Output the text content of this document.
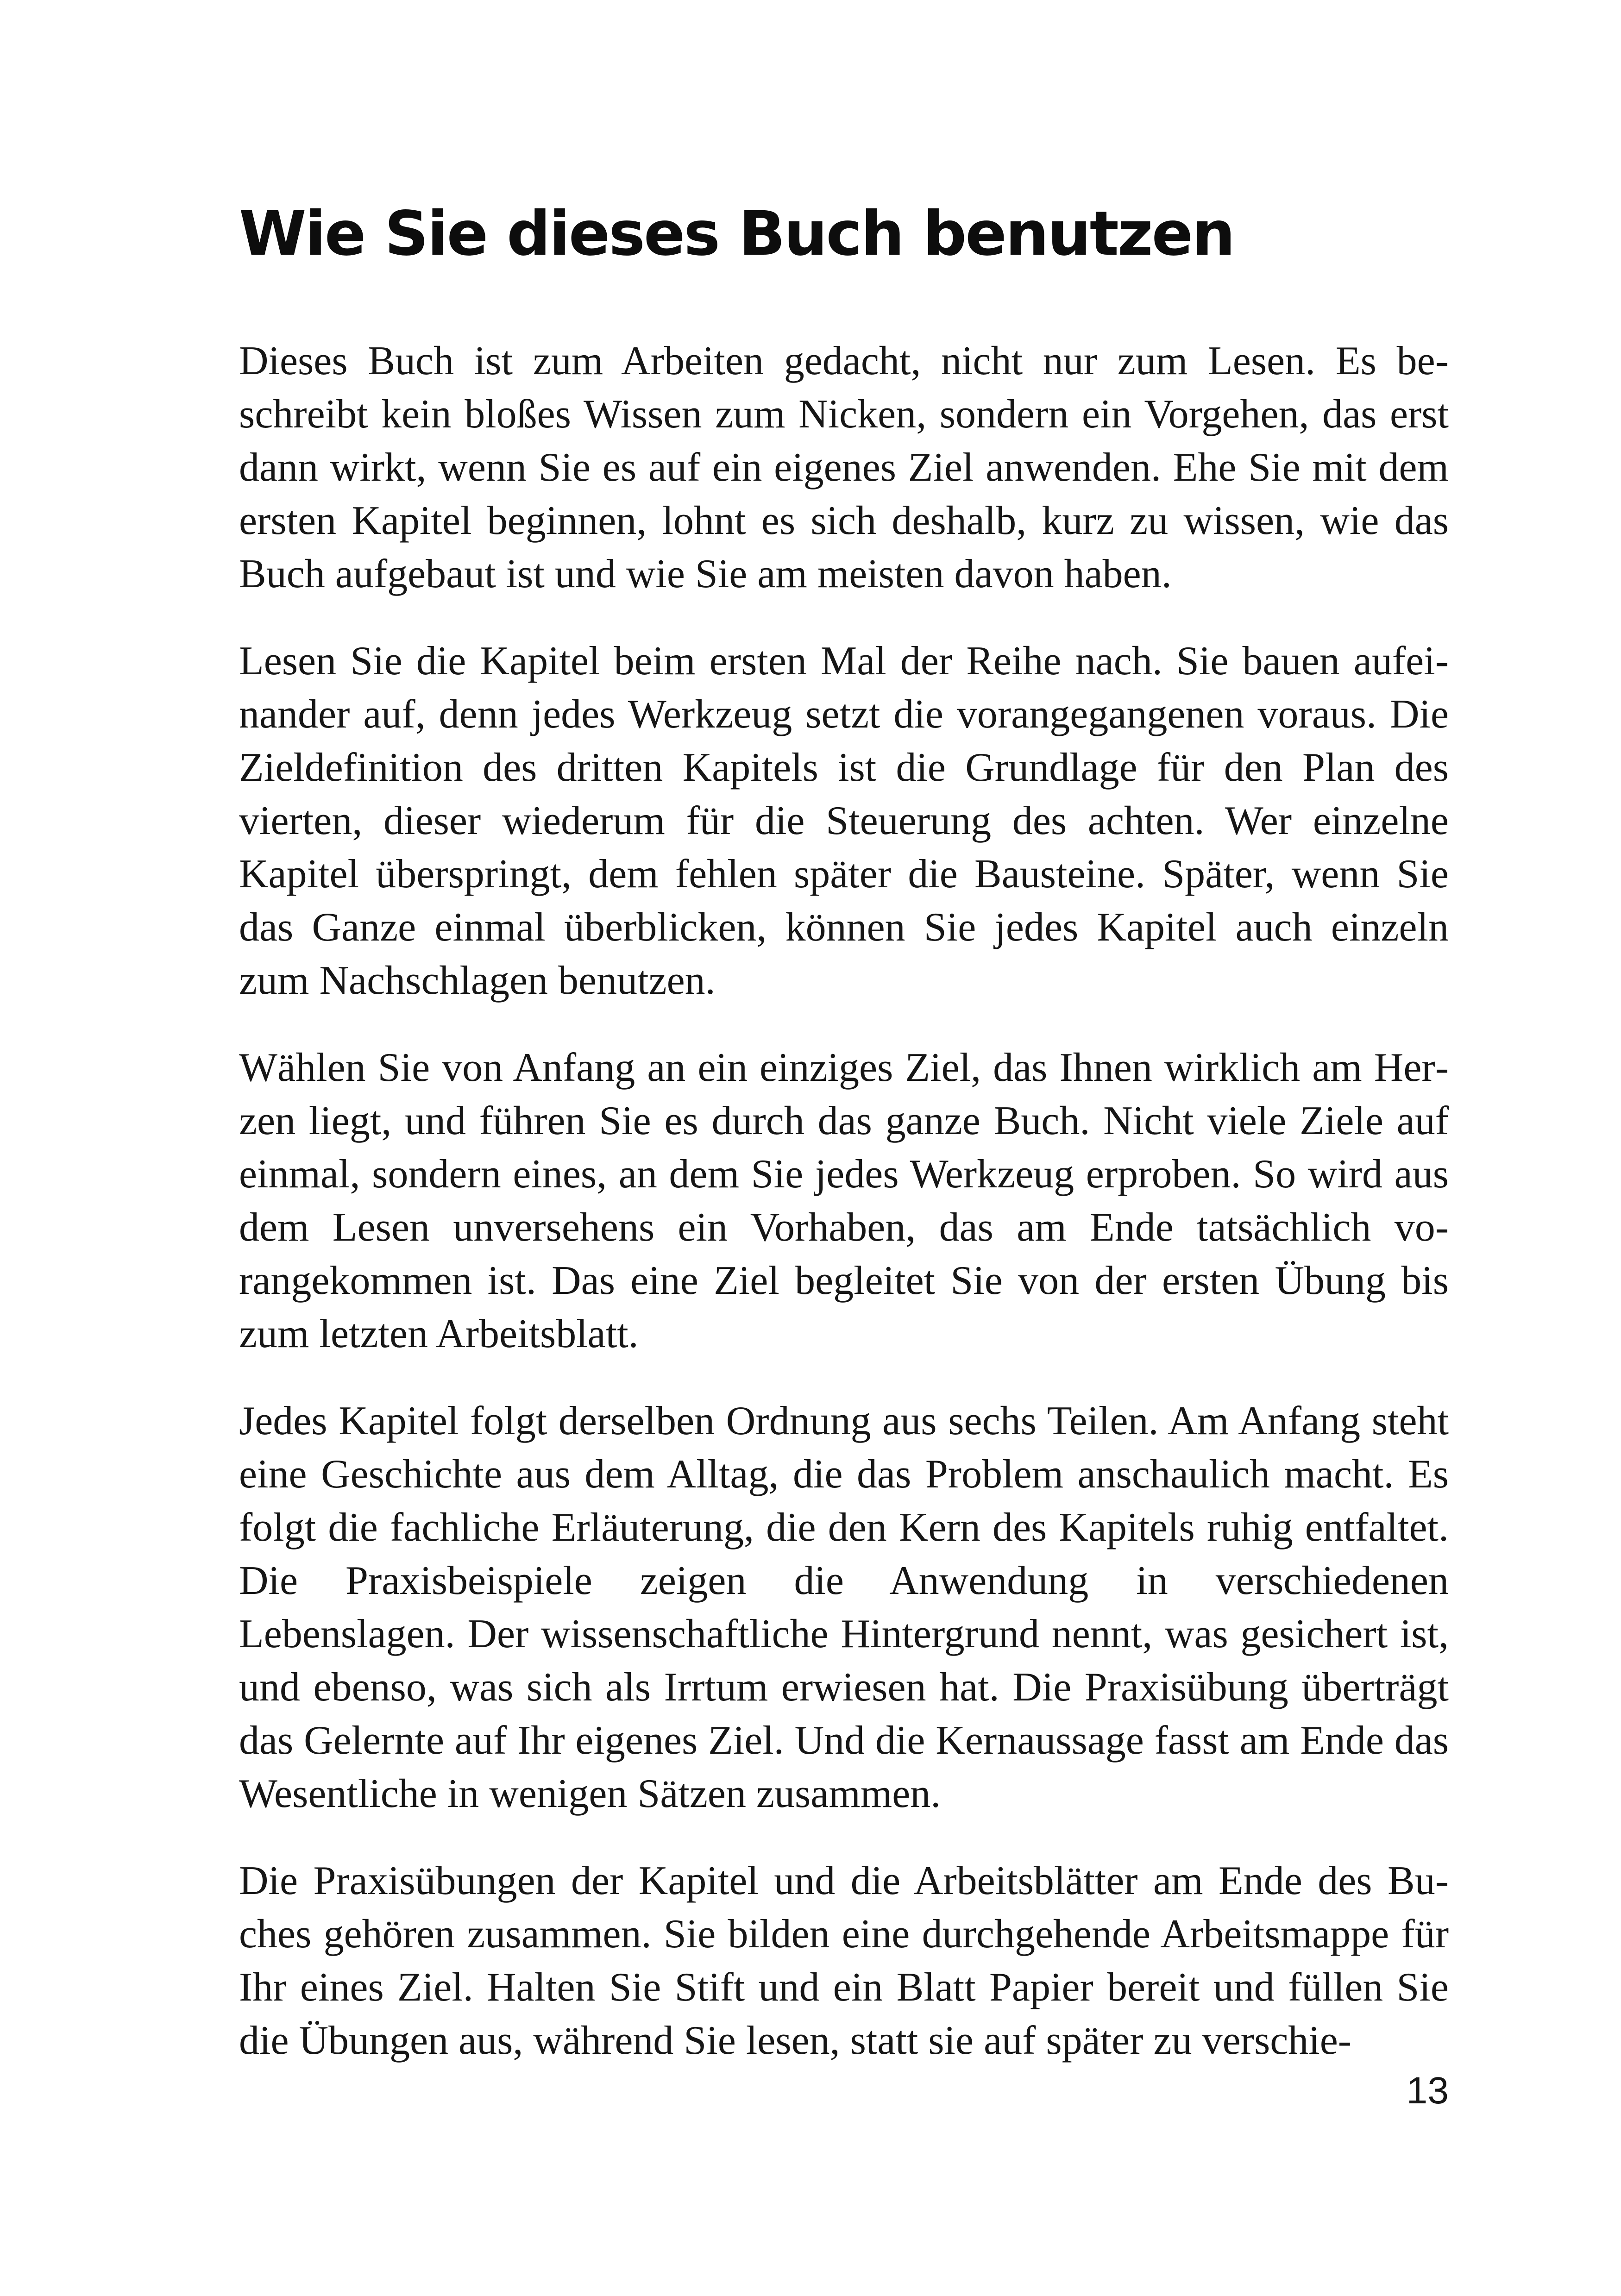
Wie Sie dieses Buch benutzen

Dieses Buch ist zum Arbeiten gedacht, nicht nur zum Lesen. Es beschreibt kein bloßes Wissen zum Nicken, sondern ein Vorgehen, das erst dann wirkt, wenn Sie es auf ein eigenes Ziel anwenden. Ehe Sie mit dem ersten Kapitel beginnen, lohnt es sich deshalb, kurz zu wissen, wie das Buch aufgebaut ist und wie Sie am meisten davon haben.

Lesen Sie die Kapitel beim ersten Mal der Reihe nach. Sie bauen aufeinander auf, denn jedes Werkzeug setzt die vorangegangenen voraus. Die Zieldefinition des dritten Kapitels ist die Grundlage für den Plan des vierten, dieser wiederum für die Steuerung des achten. Wer einzelne Kapitel überspringt, dem fehlen später die Bausteine. Später, wenn Sie das Ganze einmal überblicken, können Sie jedes Kapitel auch einzeln zum Nachschlagen benutzen.

Wählen Sie von Anfang an ein einziges Ziel, das Ihnen wirklich am Herzen liegt, und führen Sie es durch das ganze Buch. Nicht viele Ziele auf einmal, sondern eines, an dem Sie jedes Werkzeug erproben. So wird aus dem Lesen unversehens ein Vorhaben, das am Ende tatsächlich vorangekommen ist. Das eine Ziel begleitet Sie von der ersten Übung bis zum letzten Arbeitsblatt.

Jedes Kapitel folgt derselben Ordnung aus sechs Teilen. Am Anfang steht eine Geschichte aus dem Alltag, die das Problem anschaulich macht. Es folgt die fachliche Erläuterung, die den Kern des Kapitels ruhig entfaltet. Die Praxisbeispiele zeigen die Anwendung in verschiedenen Lebenslagen. Der wissenschaftliche Hintergrund nennt, was gesichert ist, und ebenso, was sich als Irrtum erwiesen hat. Die Praxisübung überträgt das Gelernte auf Ihr eigenes Ziel. Und die Kernaussage fasst am Ende das Wesentliche in wenigen Sätzen zusammen.

Die Praxisübungen der Kapitel und die Arbeitsblätter am Ende des Buches gehören zusammen. Sie bilden eine durchgehende Arbeitsmappe für Ihr eines Ziel. Halten Sie Stift und ein Blatt Papier bereit und füllen Sie die Übungen aus, während Sie lesen, statt sie auf später zu verschie-

13
